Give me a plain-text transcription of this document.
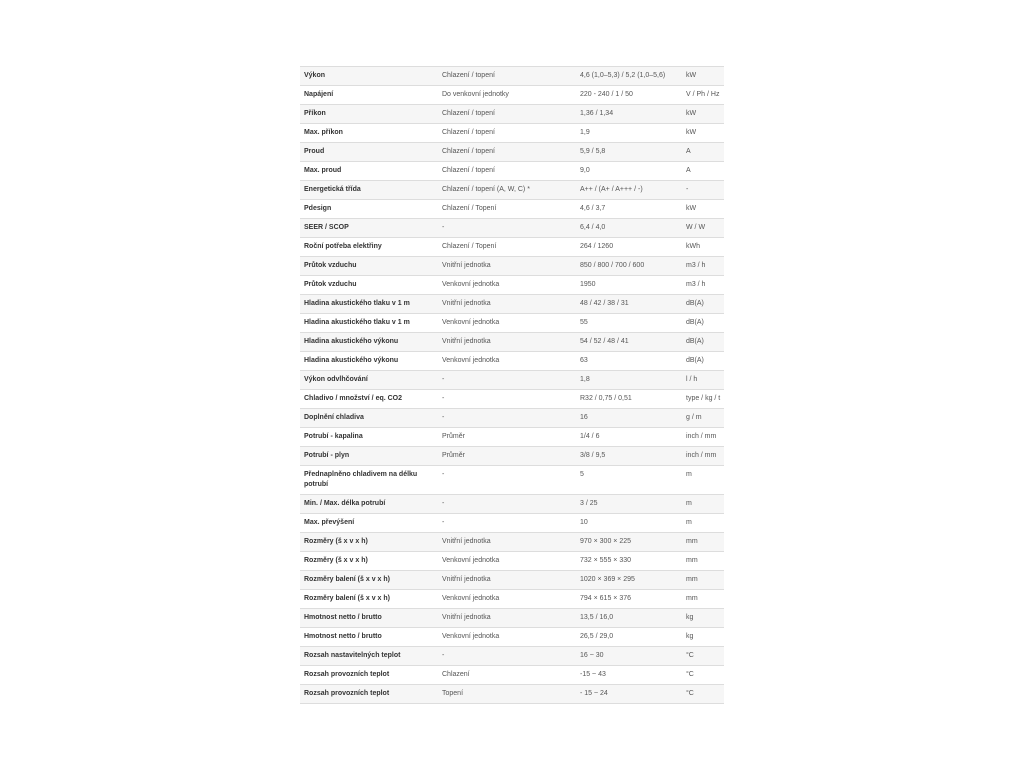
Výkon	Chlazení / topení	4,6 (1,0–5,3) / 5,2 (1,0–5,6)	kW
Napájení	Do venkovní jednotky	220 - 240 / 1 / 50	V / Ph / Hz
Příkon	Chlazení / topení	1,36 / 1,34	kW
Max. příkon	Chlazení / topení	1,9	kW
Proud	Chlazení / topení	5,9 / 5,8	A
Max. proud	Chlazení / topení	9,0	A
Energetická třída	Chlazení / topení (A, W, C) *	A++ / (A+ / A+++ / -)	-
Pdesign	Chlazení / Topení	4,6 / 3,7	kW
SEER / SCOP	-	6,4 / 4,0	W / W
Roční potřeba elektřiny	Chlazení / Topení	264 / 1260	kWh
Průtok vzduchu	Vnitřní jednotka	850 / 800 / 700 / 600	m3 / h
Průtok vzduchu	Venkovní jednotka	1950	m3 / h
Hladina akustického tlaku v 1 m	Vnitřní jednotka	48 / 42 / 38 / 31	dB(A)
Hladina akustického tlaku v 1 m	Venkovní jednotka	55	dB(A)
Hladina akustického výkonu	Vnitřní jednotka	54 / 52 / 48 / 41	dB(A)
Hladina akustického výkonu	Venkovní jednotka	63	dB(A)
Výkon odvlhčování	-	1,8	l / h
Chladivo / množství / eq. CO2	-	R32 / 0,75 / 0,51	type / kg / t
Doplnění chladiva	-	16	g / m
Potrubí - kapalina	Průměr	1/4 / 6	inch / mm
Potrubí - plyn	Průměr	3/8 / 9,5	inch / mm
Přednaplněno chladivem na délku potrubí	-	5	m
Min. / Max. délka potrubí	-	3 / 25	m
Max. převýšení	-	10	m
Rozměry (š x v x h)	Vnitřní jednotka	970 × 300 × 225	mm
Rozměry (š x v x h)	Venkovní jednotka	732 × 555 × 330	mm
Rozměry balení (š x v x h)	Vnitřní jednotka	1020 × 369 × 295	mm
Rozměry balení (š x v x h)	Venkovní jednotka	794 × 615 × 376	mm
Hmotnost netto / brutto	Vnitřní jednotka	13,5 / 16,0	kg
Hmotnost netto / brutto	Venkovní jednotka	26,5 / 29,0	kg
Rozsah nastavitelných teplot	-	16 ~ 30	°C
Rozsah provozních teplot	Chlazení	-15 ~ 43	°C
Rozsah provozních teplot	Topení	- 15 ~ 24	°C
